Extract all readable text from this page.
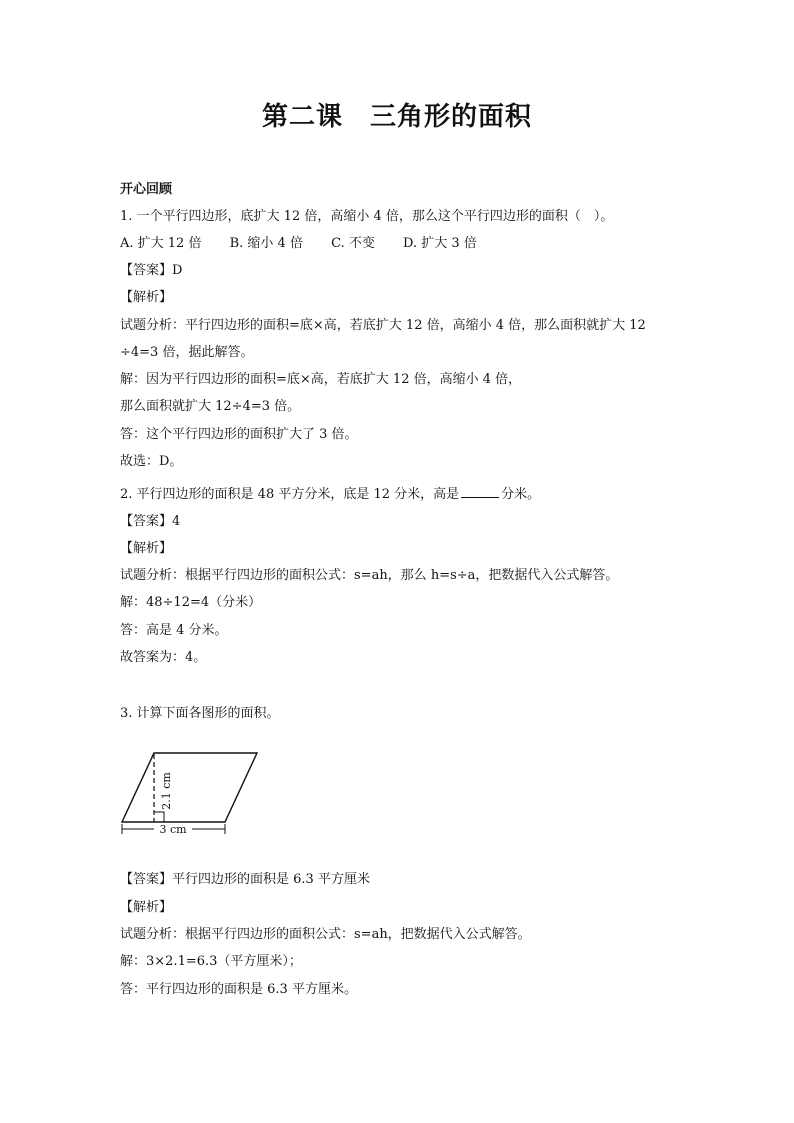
第二课　三角形的面积
开心回顾
1. 一个平行四边形，底扩大 12 倍，高缩小 4 倍，那么这个平行四边形的面积（　）。
A. 扩大 12 倍 B. 缩小 4 倍 C. 不变 D. 扩大 3 倍
【答案】D
【解析】
试题分析：平行四边形的面积=底×高，若底扩大 12 倍，高缩小 4 倍，那么面积就扩大 12
÷4=3 倍，据此解答。
解：因为平行四边形的面积=底×高，若底扩大 12 倍，高缩小 4 倍，
那么面积就扩大 12÷4=3 倍。
答：这个平行四边形的面积扩大了 3 倍。
故选：D。
2. 平行四边形的面积是 48 平方分米，底是 12 分米，高是	分米。
【答案】4
【解析】
试题分析：根据平行四边形的面积公式：s=ah，那么 h=s÷a，把数据代入公式解答。
解：48÷12=4（分米）
答：高是 4 分米。
故答案为：4。
3. 计算下面各图形的面积。
2.1 cm
3 cm
【答案】平行四边形的面积是 6.3 平方厘米
【解析】
试题分析：根据平行四边形的面积公式：s=ah，把数据代入公式解答。
解：3×2.1=6.3（平方厘米）；
答：平行四边形的面积是 6.3 平方厘米。
